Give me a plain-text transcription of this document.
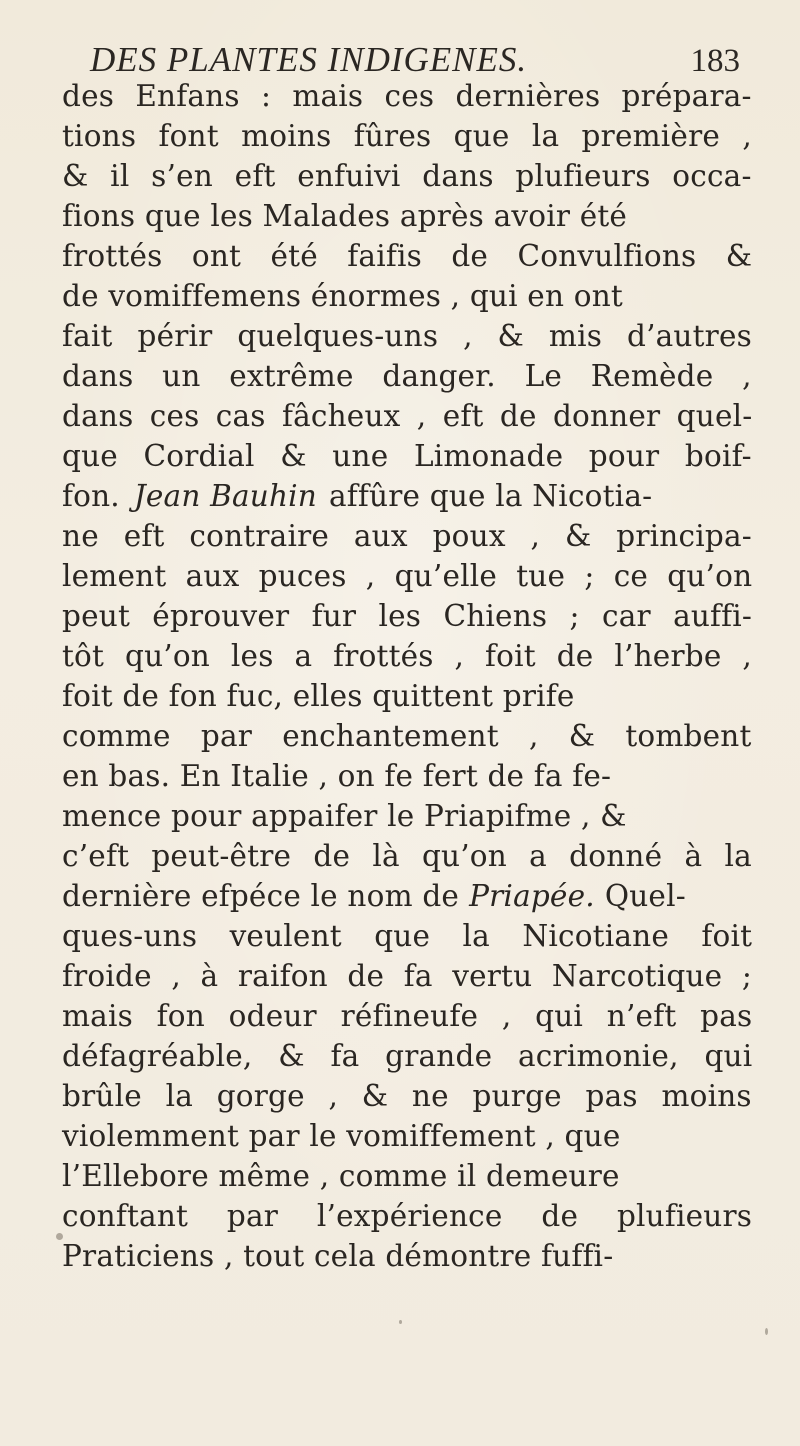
DES PLANTES INDIGENES.	183
des Enfans : mais ces dernières prépara-
tions font moins fûres que la première ,
& il s’en eft enfuivi dans plufieurs occa-
fions que les Malades après avoir été
frottés ont été faifis de Convulfions &
de vomiffemens énormes , qui en ont
fait périr quelques-uns , & mis d’autres
dans un extrême danger. Le Remède ,
dans ces cas fâcheux , eft de donner quel-
que Cordial & une Limonade pour boif-
fon. Jean Bauhin affûre que la Nicotia-
ne eft contraire aux poux , & principa-
lement aux puces , qu’elle tue ; ce qu’on
peut éprouver fur les Chiens ; car auffi-
tôt qu’on les a frottés , foit de l’herbe ,
foit de fon fuc, elles quittent prife
comme par enchantement , & tombent
en bas. En Italie , on fe fert de fa fe-
mence pour appaifer le Priapifme , &
c’eft peut-être de là qu’on a donné à la
dernière efpéce le nom de Priapée. Quel-
ques-uns veulent que la Nicotiane foit
froide , à raifon de fa vertu Narcotique ;
mais fon odeur réfineufe , qui n’eft pas
défagréable, & fa grande acrimonie, qui
brûle la gorge , & ne purge pas moins
violemment par le vomiffement , que
l’Ellebore même , comme il demeure
conftant par l’expérience de plufieurs
Praticiens , tout cela démontre fuffi-
